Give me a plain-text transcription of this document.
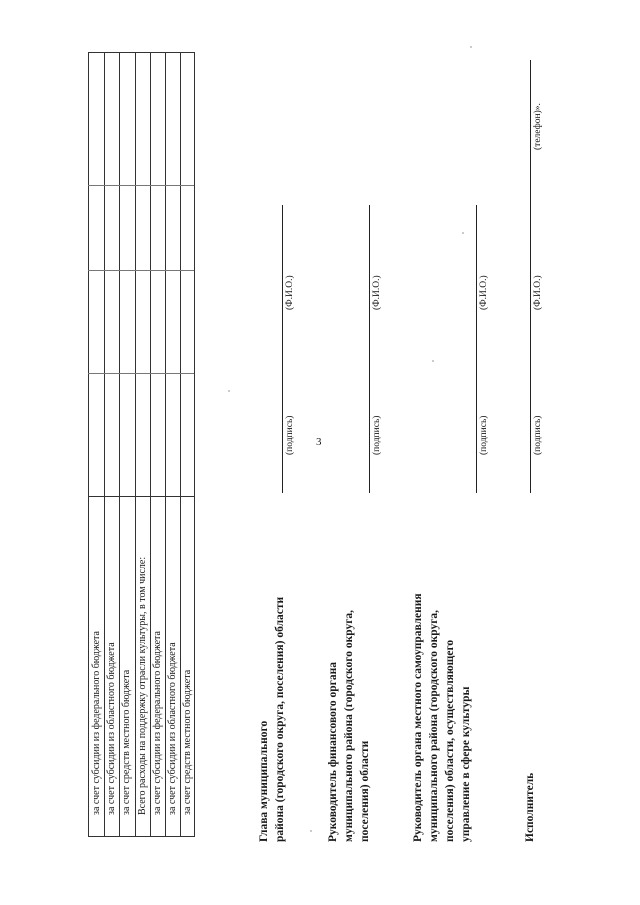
3
за счет субсидии из федерального бюджета за счет субсидии из областного бюджета за счет средств местного бюджета Всего расходы на поддержку отрасли культуры, в том числе: за счет субсидии из федерального бюджета за счет субсидии из областного бюджета за счет средств местного бюджета	Глава муниципального района (городского округа, поселения) области
(подпись)
(Ф.И.О.)
Руководитель финансового органа муниципального района (городского округа, поселения) области
(подпись)
(Ф.И.О.)
Руководитель органа местного самоуправления муниципального района (городского округа, поселения) области, осуществляющего управление в сфере культуры
(подпись)
(Ф.И.О.)
Исполнитель
(подпись)
(Ф.И.О.)
(телефон)».
